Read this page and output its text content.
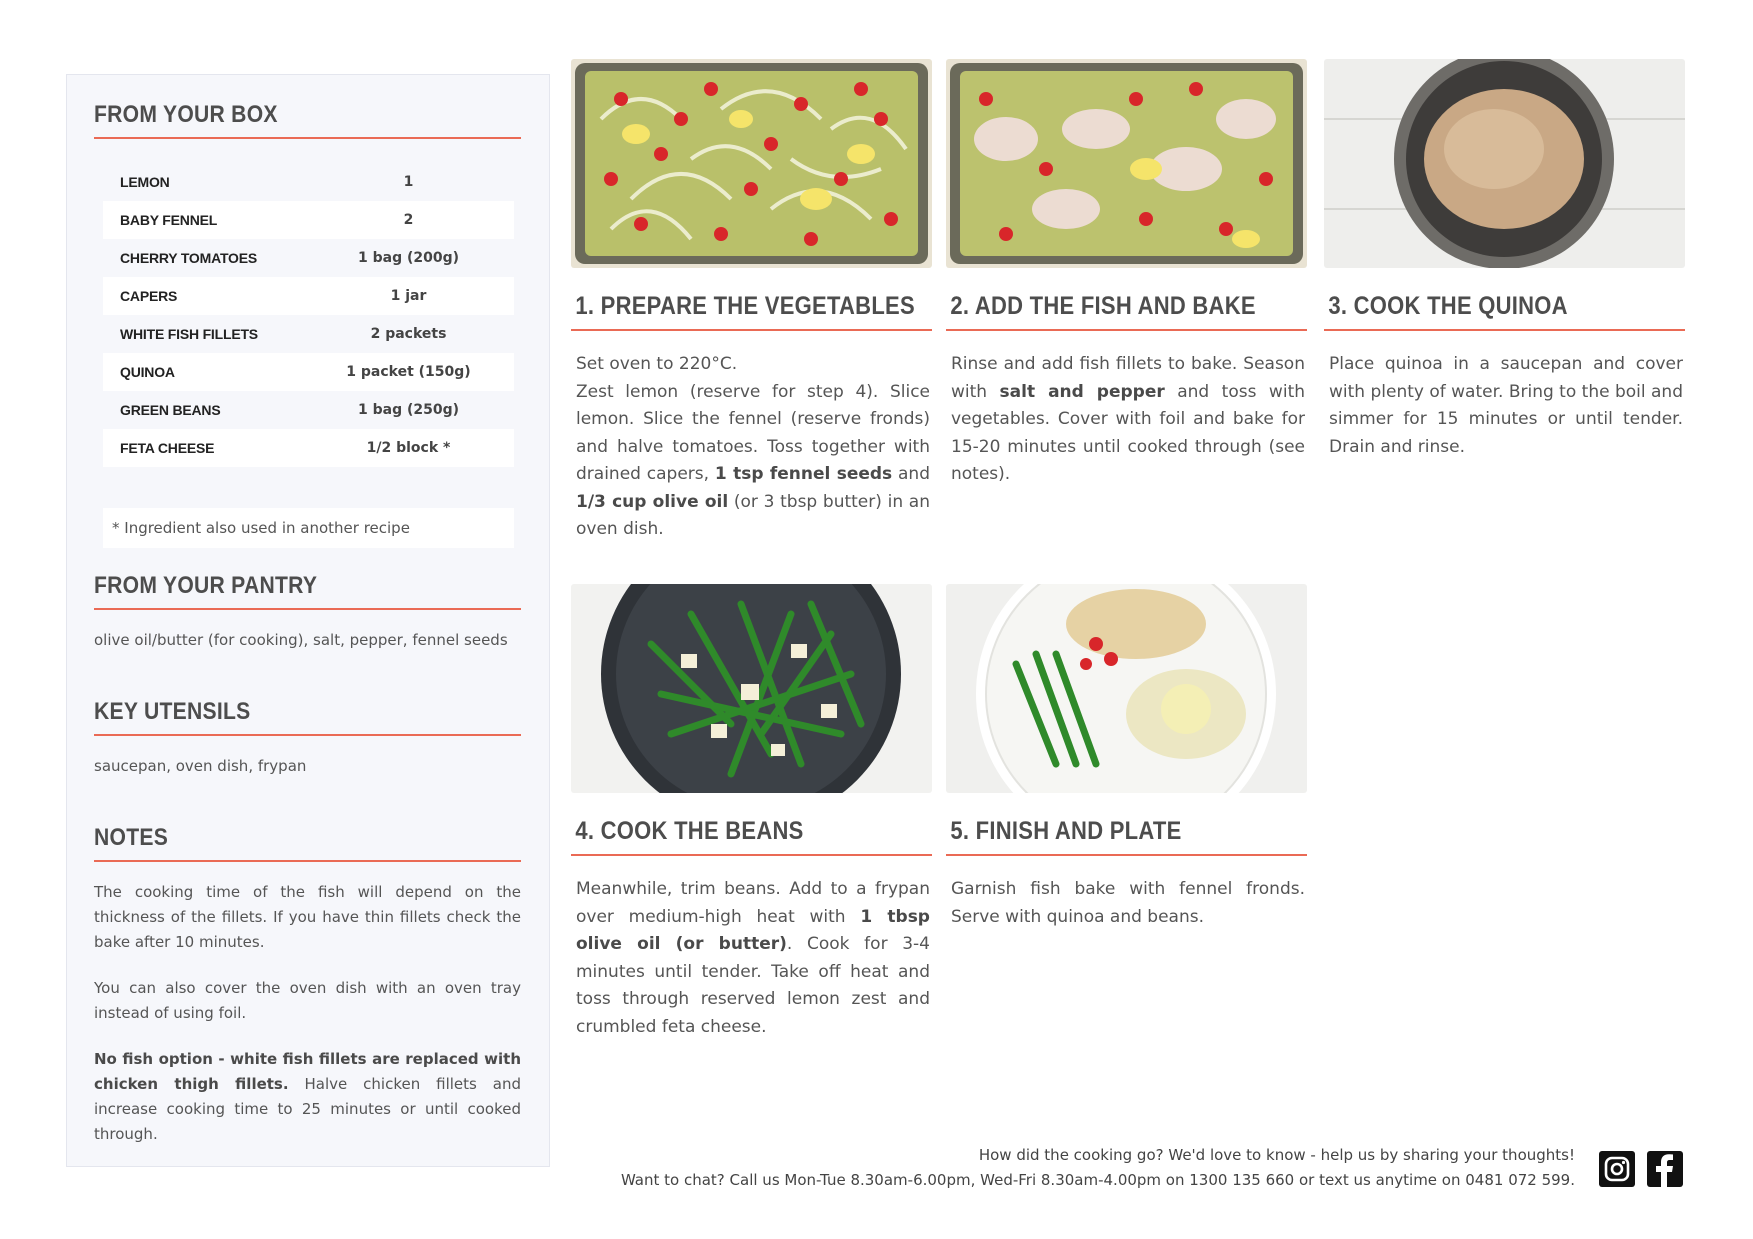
FROM YOUR BOX
LEMON	1
BABY FENNEL	2
CHERRY TOMATOES	1 bag (200g)
CAPERS	1 jar
WHITE FISH FILLETS	2 packets
QUINOA	1 packet (150g)
GREEN BEANS	1 bag (250g)
FETA CHEESE	1/2 block *
* Ingredient also used in another recipe
FROM YOUR PANTRY
olive oil/butter (for cooking), salt, pepper, fennel seeds
KEY UTENSILS
saucepan, oven dish, frypan
NOTES

The cooking time of the fish will depend on the thickness of the fillets. If you have thin fillets check the bake after 10 minutes.

You can also cover the oven dish with an oven tray instead of using foil.

No fish option - white fish fillets are replaced with chicken thigh fillets. Halve chicken fillets and increase cooking time to 25 minutes or until cooked through.

1. PREPARE THE VEGETABLES
Set oven to 220°C.
Zest lemon (reserve for step 4). Slice lemon. Slice the fennel (reserve fronds) and halve tomatoes. Toss together with drained capers, 1 tsp fennel seeds and 1/3 cup olive oil (or 3 tbsp butter) in an oven dish.
2. ADD THE FISH AND BAKE
Rinse and add fish fillets to bake. Season with salt and pepper and toss with vegetables. Cover with foil and bake for 15-20 minutes until cooked through (see notes).
3. COOK THE QUINOA
Place quinoa in a saucepan and cover with plenty of water. Bring to the boil and simmer for 15 minutes or until tender. Drain and rinse.
4. COOK THE BEANS
Meanwhile, trim beans. Add to a frypan over medium-high heat with 1 tbsp olive oil (or butter). Cook for 3-4 minutes until tender. Take off heat and toss through reserved lemon zest and crumbled feta cheese.
5. FINISH AND PLATE
Garnish fish bake with fennel fronds. Serve with quinoa and beans.
How did the cooking go? We'd love to know - help us by sharing your thoughts!
Want to chat? Call us Mon-Tue 8.30am-6.00pm, Wed-Fri 8.30am-4.00pm on 1300 135 660 or text us anytime on 0481 072 599.
